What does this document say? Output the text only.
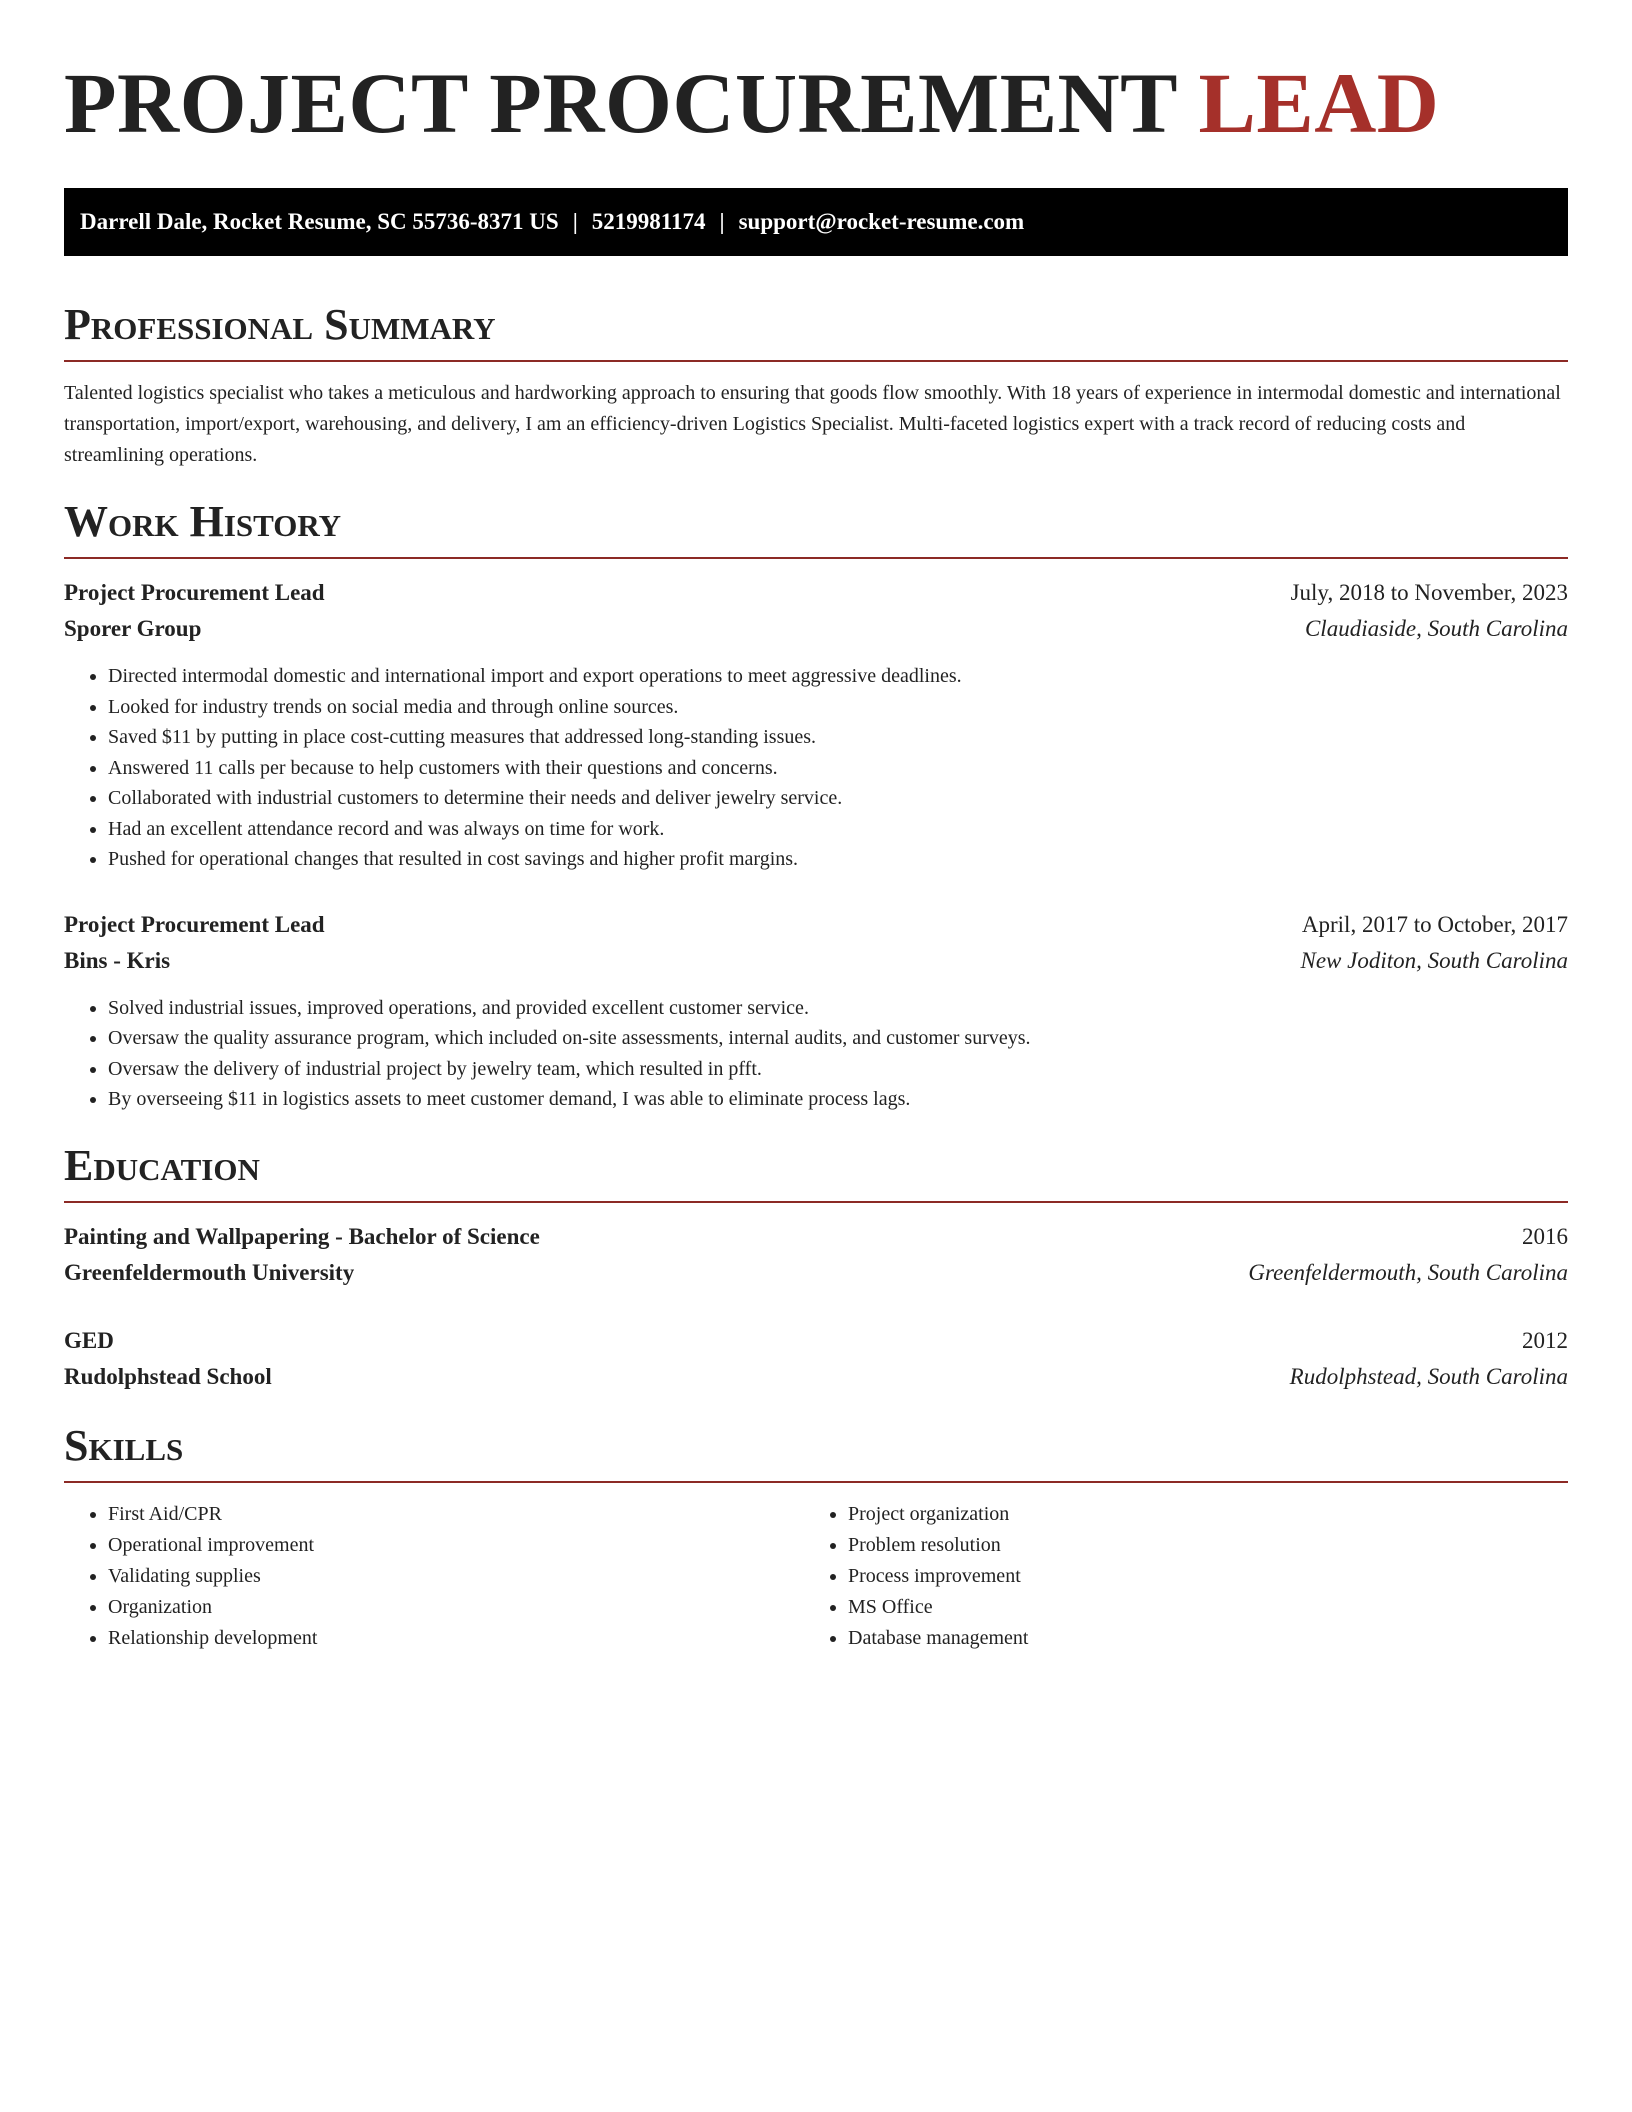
PROJECT PROCUREMENT LEAD
Darrell Dale, Rocket Resume, SC 55736-8371 US | 5219981174 | support@rocket-resume.com
Professional Summary

Talented logistics specialist who takes a meticulous and hardworking approach to ensuring that goods flow smoothly. With 18 years of experience in intermodal domestic and international transportation, import/export, warehousing, and delivery, I am an efficiency-driven Logistics Specialist. Multi-faceted logistics expert with a track record of reducing costs and streamlining operations.

Work History
Project Procurement Lead	July, 2018 to November, 2023
Sporer Group	Claudiaside, South Carolina
• Directed intermodal domestic and international import and export operations to meet aggressive deadlines.
• Looked for industry trends on social media and through online sources.
• Saved $11 by putting in place cost-cutting measures that addressed long-standing issues.
• Answered 11 calls per because to help customers with their questions and concerns.
• Collaborated with industrial customers to determine their needs and deliver jewelry service.
• Had an excellent attendance record and was always on time for work.
• Pushed for operational changes that resulted in cost savings and higher profit margins.
Project Procurement Lead	April, 2017 to October, 2017
Bins - Kris	New Joditon, South Carolina
• Solved industrial issues, improved operations, and provided excellent customer service.
• Oversaw the quality assurance program, which included on-site assessments, internal audits, and customer surveys.
• Oversaw the delivery of industrial project by jewelry team, which resulted in pfft.
• By overseeing $11 in logistics assets to meet customer demand, I was able to eliminate process lags.
Education
Painting and Wallpapering - Bachelor of Science	2016
Greenfeldermouth University	Greenfeldermouth, South Carolina
GED	2012
Rudolphstead School	Rudolphstead, South Carolina
Skills
• First Aid/CPR
• Operational improvement
• Validating supplies
• Organization
• Relationship development
• Project organization
• Problem resolution
• Process improvement
• MS Office
• Database management
